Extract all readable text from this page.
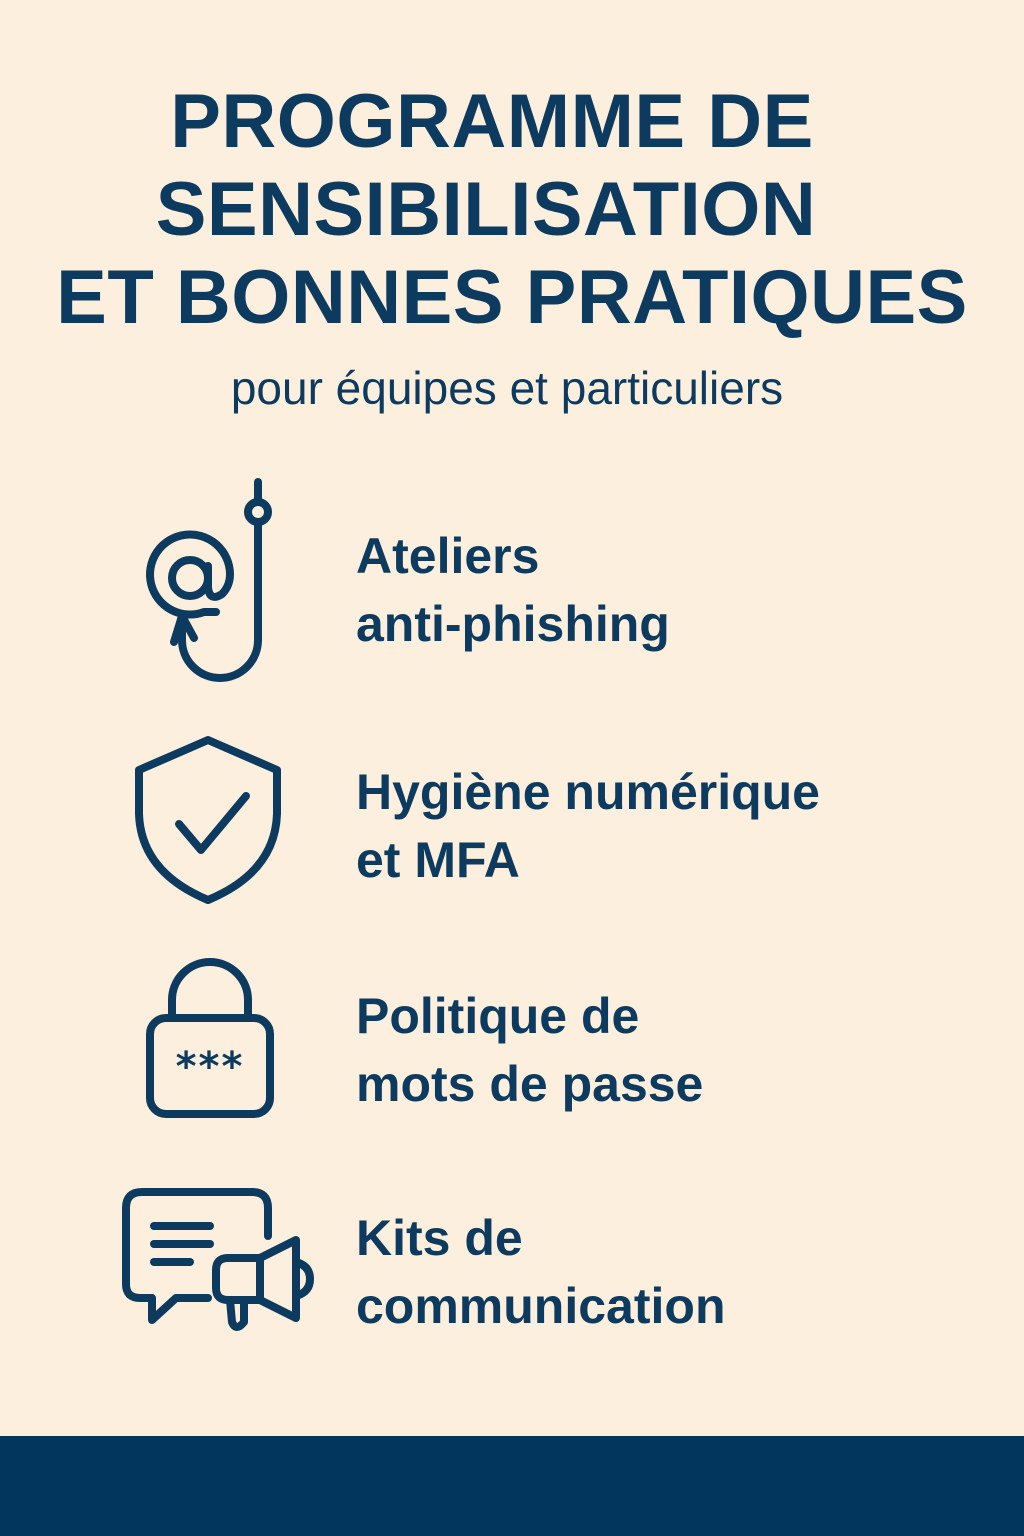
PROGRAMME DE
SENSIBILISATION
ET BONNES PRATIQUES
pour équipes et particuliers
Ateliers
anti-phishing
Hygiène numérique
et MFA
***
Politique de
mots de passe
Kits de
communication
